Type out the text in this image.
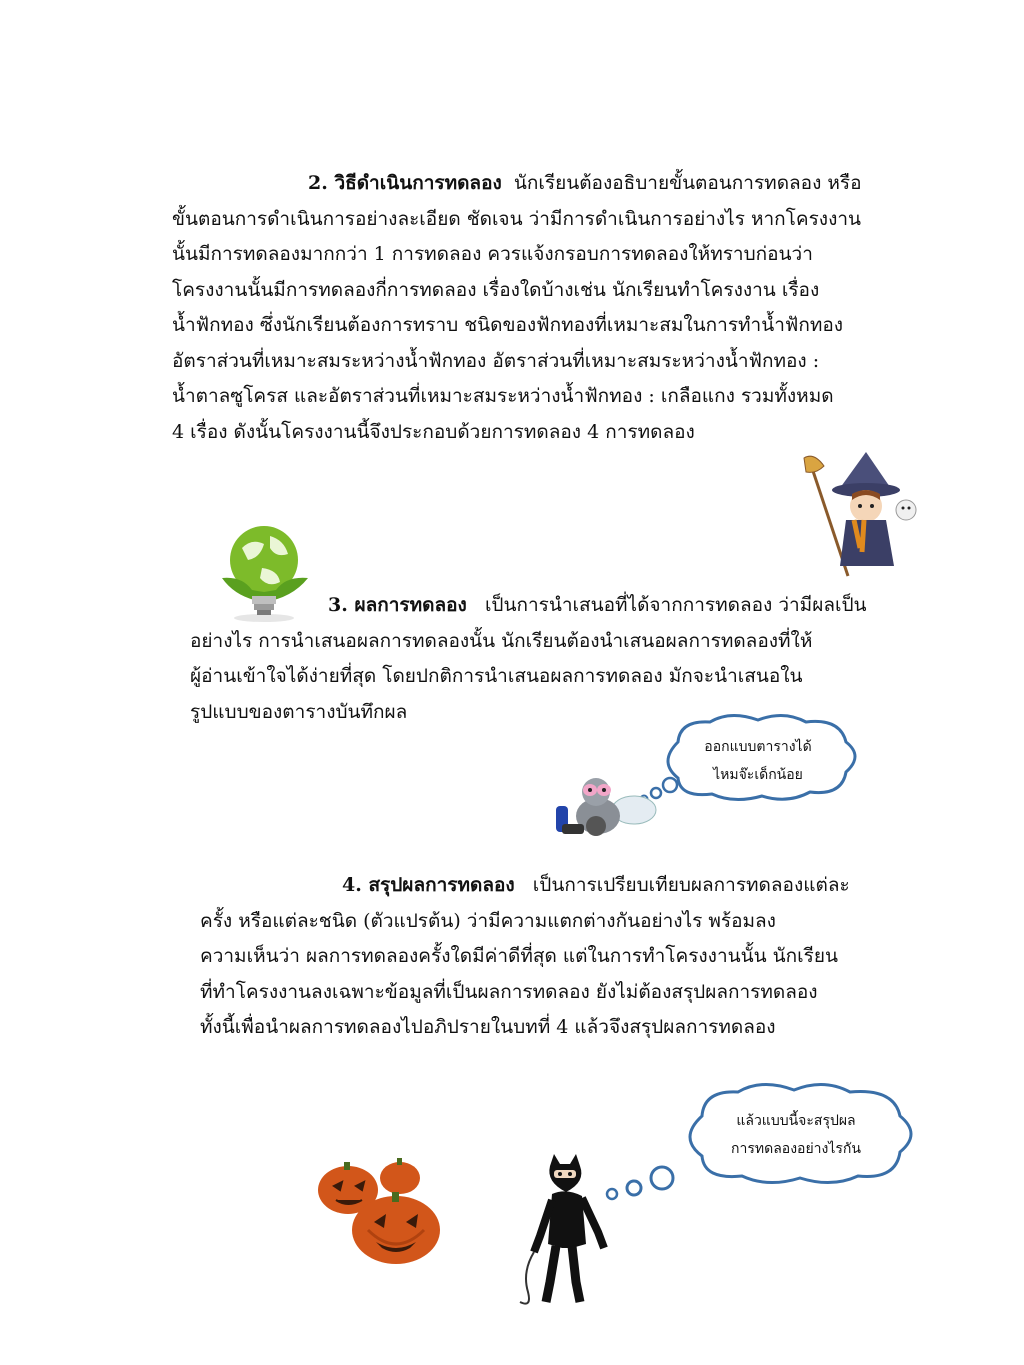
2. วิธีดำเนินการทดลอง นักเรียนต้องอธิบายขั้นตอนการทดลอง หรือ
ขั้นตอนการดำเนินการอย่างละเอียด ชัดเจน ว่ามีการดำเนินการอย่างไร หากโครงงาน
นั้นมีการทดลองมากกว่า 1 การทดลอง ควรแจ้งกรอบการทดลองให้ทราบก่อนว่า
โครงงานนั้นมีการทดลองกี่การทดลอง เรื่องใดบ้างเช่น นักเรียนทำโครงงาน เรื่อง
น้ำฟักทอง ซึ่งนักเรียนต้องการทราบ ชนิดของฟักทองที่เหมาะสมในการทำน้ำฟักทอง
อัตราส่วนที่เหมาะสมระหว่างน้ำฟักทอง อัตราส่วนที่เหมาะสมระหว่างน้ำฟักทอง :
น้ำตาลซูโครส และอัตราส่วนที่เหมาะสมระหว่างน้ำฟักทอง : เกลือแกง รวมทั้งหมด
4 เรื่อง ดังนั้นโครงงานนี้จึงประกอบด้วยการทดลอง 4 การทดลอง
3. ผลการทดลอง เป็นการนำเสนอที่ได้จากการทดลอง ว่ามีผลเป็น
อย่างไร การนำเสนอผลการทดลองนั้น นักเรียนต้องนำเสนอผลการทดลองที่ให้
ผู้อ่านเข้าใจได้ง่ายที่สุด โดยปกติการนำเสนอผลการทดลอง มักจะนำเสนอใน
รูปแบบของตารางบันทึกผล
ออกแบบตารางได้
ไหมจ๊ะเด็กน้อย
4. สรุปผลการทดลอง เป็นการเปรียบเทียบผลการทดลองแต่ละ
ครั้ง หรือแต่ละชนิด (ตัวแปรต้น) ว่ามีความแตกต่างกันอย่างไร พร้อมลง
ความเห็นว่า ผลการทดลองครั้งใดมีค่าดีที่สุด แต่ในการทำโครงงานนั้น นักเรียน
ที่ทำโครงงานลงเฉพาะข้อมูลที่เป็นผลการทดลอง ยังไม่ต้องสรุปผลการทดลอง
ทั้งนี้เพื่อนำผลการทดลองไปอภิปรายในบทที่ 4 แล้วจึงสรุปผลการทดลอง
แล้วแบบนี้จะสรุปผล
การทดลองอย่างไรกัน
